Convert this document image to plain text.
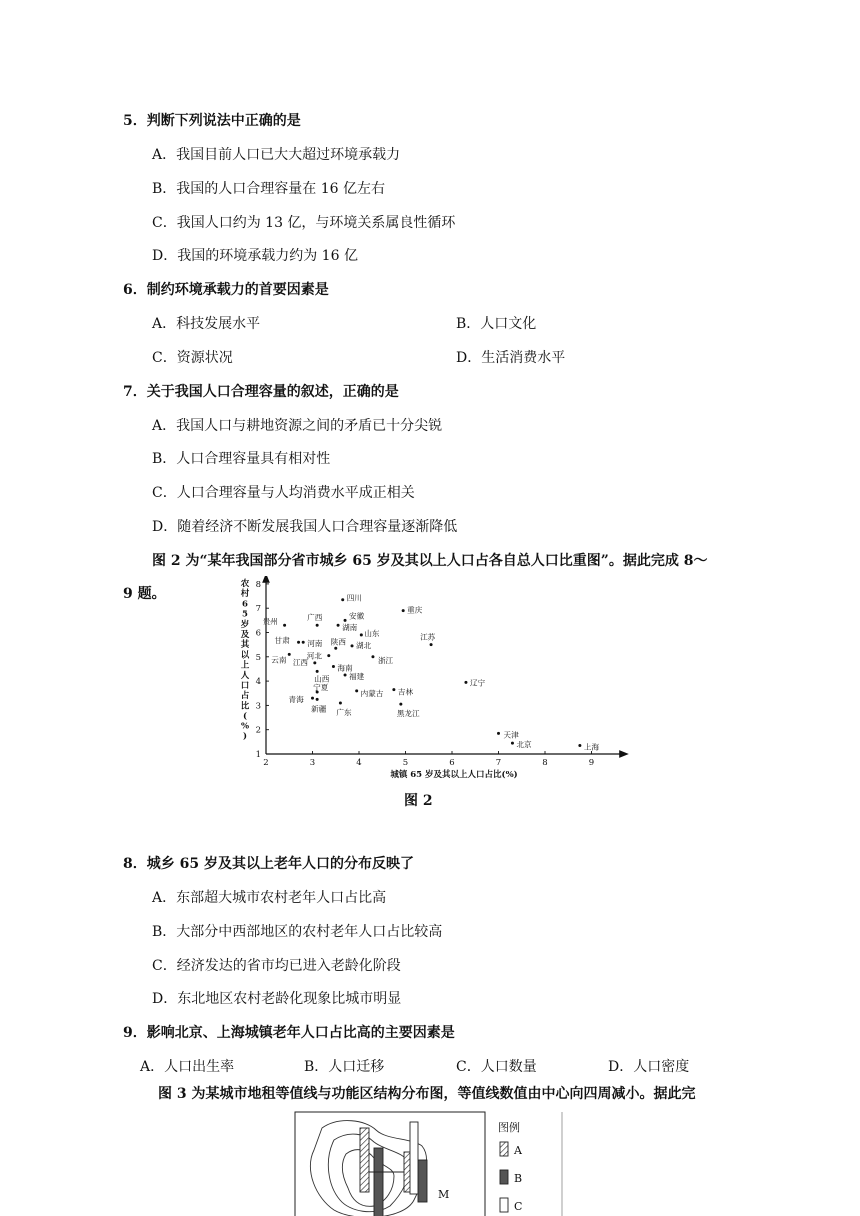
5．判断下列说法中正确的是
A．我国目前人口已大大超过环境承载力
B．我国的人口合理容量在 16 亿左右
C．我国人口约为 13 亿，与环境关系属良性循环
D．我国的环境承载力约为 16 亿
6．制约环境承载力的首要因素是
A．科技发展水平	B．人口文化
C．资源状况	D．生活消费水平
7．关于我国人口合理容量的叙述，正确的是
A．我国人口与耕地资源之间的矛盾已十分尖锐
B．人口合理容量具有相对性
C．人口合理容量与人均消费水平成正相关
D．随着经济不断发展我国人口合理容量逐渐降低
图 2 为“某年我国部分省市城乡 65 岁及其以上人口占各自总人口比重图”。据此完成 8～
9 题。
农村 6 5 岁及其以上人口占比( % )
2	3	4	5	6	7	8	9
1
2
3
4
5
6
7
8
四川
重庆
安徽
贵州	广西
湖南
山东
甘肃 河南
江苏
湖北
陕西
河北	浙江
云南 江西
海南
山西	福建
辽宁
内蒙古 吉林
宁夏
青海
新疆 广东	黑龙江
天津
北京	上海
城镇 65 岁及其以上人口占比(%)
图 2
8．城乡 65 岁及其以上老年人口的分布反映了
A．东部超大城市农村老年人口占比高
B．大部分中西部地区的农村老年人口占比较高
C．经济发达的省市均已进入老龄化阶段
D．东北地区农村老龄化现象比城市明显
9．影响北京、上海城镇老年人口占比高的主要因素是
A．人口出生率	B．人口迁移	C．人口数量	D．人口密度
图 3 为某城市地租等值线与功能区结构分布图，等值线数值由中心向四周减小。据此完
M
图例
A
B
C
